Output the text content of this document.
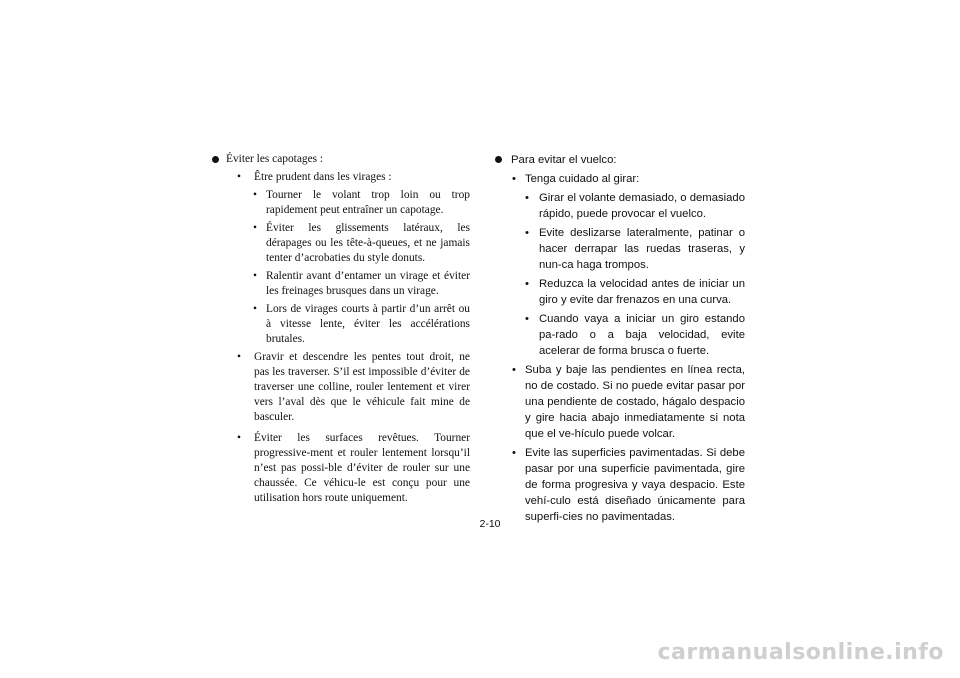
Éviter les capotages :
• Être prudent dans les virages :
• Tourner le volant trop loin ou trop rapidement peut entraîner un capotage.
• Éviter les glissements latéraux, les dérapages ou les tête-à-queues, et ne jamais tenter d’acrobaties du style donuts.
• Ralentir avant d’entamer un virage et éviter les freinages brusques dans un virage.
• Lors de virages courts à partir d’un arrêt ou à vitesse lente, éviter les accélérations brutales.
• Gravir et descendre les pentes tout droit, ne pas les traverser. S’il est impossible d’éviter de traverser une colline, rouler lentement et virer vers l’aval dès que le véhicule fait mine de basculer.
• Éviter les surfaces revêtues. Tourner progressive-ment et rouler lentement lorsqu’il n’est pas possi-ble d’éviter de rouler sur une chaussée. Ce véhicu-le est conçu pour une utilisation hors route uniquement.
Para evitar el vuelco:
• Tenga cuidado al girar:
• Girar el volante demasiado, o demasiado rápido, puede provocar el vuelco.
• Evite deslizarse lateralmente, patinar o hacer derrapar las ruedas traseras, y nun-ca haga trompos.
• Reduzca la velocidad antes de iniciar un giro y evite dar frenazos en una curva.
• Cuando vaya a iniciar un giro estando pa-rado o a baja velocidad, evite acelerar de forma brusca o fuerte.
• Suba y baje las pendientes en línea recta, no de costado. Si no puede evitar pasar por una pendiente de costado, hágalo despacio y gire hacia abajo inmediatamente si nota que el ve-hículo puede volcar.
• Evite las superficies pavimentadas. Si debe pasar por una superficie pavimentada, gire de forma progresiva y vaya despacio. Este vehí-culo está diseñado únicamente para superfi-cies no pavimentadas.
2-10
carmanualsonline.info
